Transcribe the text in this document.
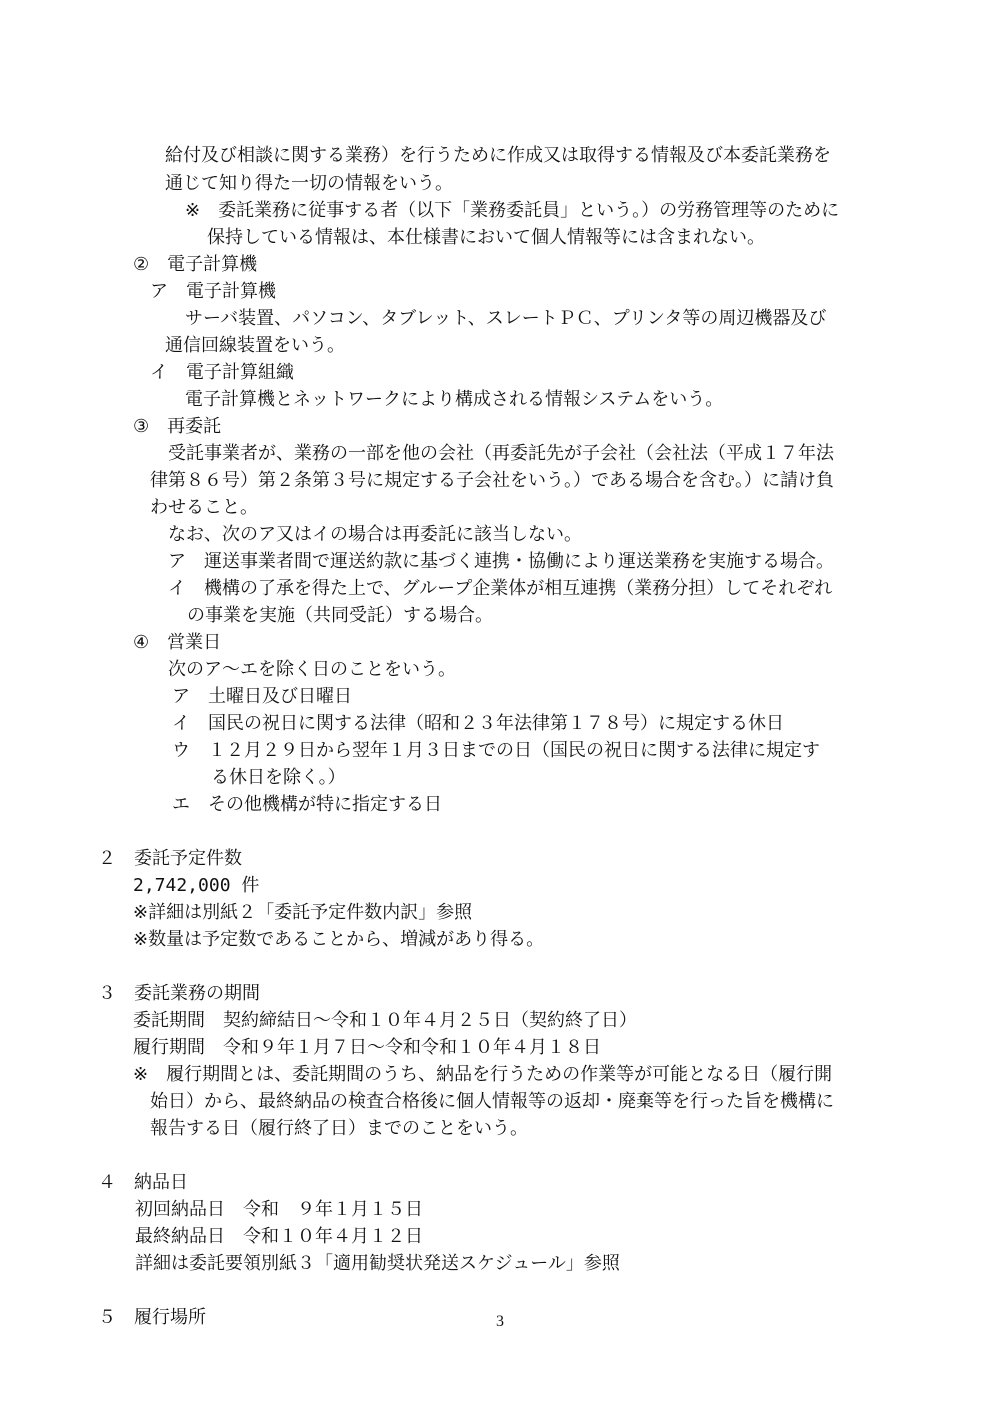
給付及び相談に関する業務）を行うために作成又は取得する情報及び本委託業務を
通じて知り得た一切の情報をいう。
※　委託業務に従事する者（以下「業務委託員」という。）の労務管理等のために
保持している情報は、本仕様書において個人情報等には含まれない。
②　電子計算機
ア　電子計算機
サーバ装置、パソコン、タブレット、スレートＰＣ、プリンタ等の周辺機器及び
通信回線装置をいう。
イ　電子計算組織
電子計算機とネットワークにより構成される情報システムをいう。
③　再委託
受託事業者が、業務の一部を他の会社（再委託先が子会社（会社法（平成１７年法
律第８６号）第２条第３号に規定する子会社をいう。）である場合を含む。）に請け負
わせること。
なお、次のア又はイの場合は再委託に該当しない。
ア　運送事業者間で運送約款に基づく連携・協働により運送業務を実施する場合。
イ　機構の了承を得た上で、グループ企業体が相互連携（業務分担）してそれぞれ
の事業を実施（共同受託）する場合。
④　営業日
次のア～エを除く日のことをいう。
ア　土曜日及び日曜日
イ　国民の祝日に関する法律（昭和２３年法律第１７８号）に規定する休日
ウ　１２月２９日から翌年１月３日までの日（国民の祝日に関する法律に規定す
る休日を除く。）
エ　その他機構が特に指定する日
２　委託予定件数
2,742,000 件
※詳細は別紙２「委託予定件数内訳」参照
※数量は予定数であることから、増減があり得る。
３　委託業務の期間
委託期間　契約締結日～令和１０年４月２５日（契約終了日）
履行期間　令和９年１月７日～令和令和１０年４月１８日
※　履行期間とは、委託期間のうち、納品を行うための作業等が可能となる日（履行開
始日）から、最終納品の検査合格後に個人情報等の返却・廃棄等を行った旨を機構に
報告する日（履行終了日）までのことをいう。
４　納品日
初回納品日　令和　９年１月１５日
最終納品日　令和１０年４月１２日
詳細は委託要領別紙３「適用勧奨状発送スケジュール」参照
５　履行場所	3
